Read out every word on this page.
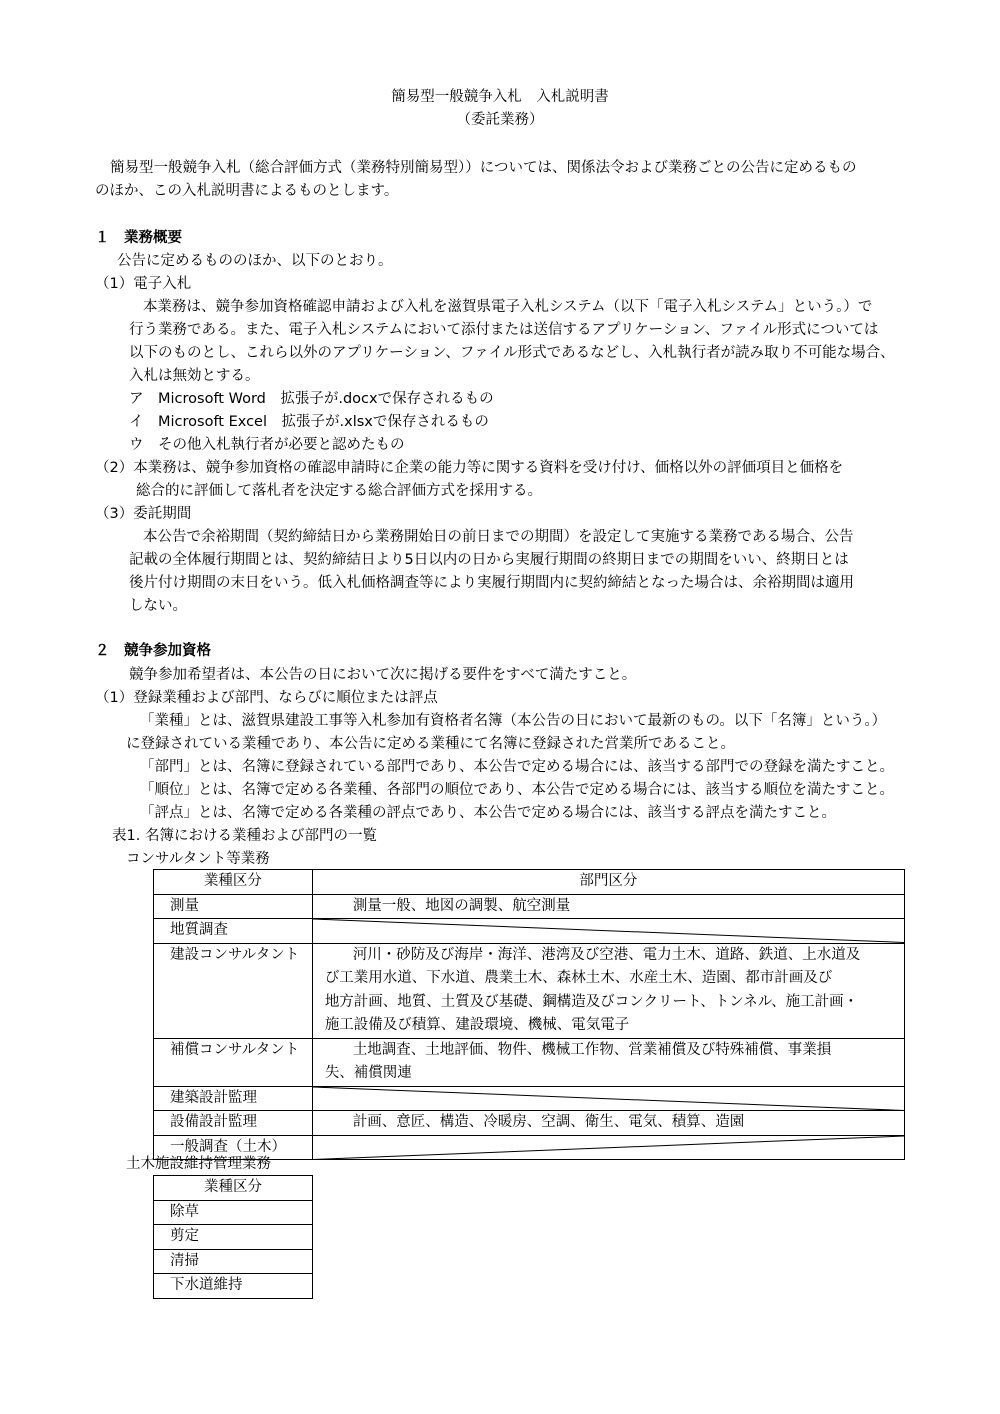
簡易型一般競争入札　入札説明書
（委託業務）
簡易型一般競争入札（総合評価方式（業務特別簡易型））については、関係法令および業務ごとの公告に定めるもの
のほか、この入札説明書によるものとします。
１　業務概要
公告に定めるもののほか、以下のとおり。
（1）電子入札
本業務は、競争参加資格確認申請および入札を滋賀県電子入札システム（以下「電子入札システム」という。）で
行う業務である。また、電子入札システムにおいて添付または送信するアプリケーション、ファイル形式については
以下のものとし、これら以外のアプリケーション、ファイル形式であるなどし、入札執行者が読み取り不可能な場合、
入札は無効とする。
ア　Microsoft Word　拡張子が.docxで保存されるもの
イ　Microsoft Excel　拡張子が.xlsxで保存されるもの
ウ　その他入札執行者が必要と認めたもの
（2）本業務は、競争参加資格の確認申請時に企業の能力等に関する資料を受け付け、価格以外の評価項目と価格を
総合的に評価して落札者を決定する総合評価方式を採用する。
（3）委託期間
本公告で余裕期間（契約締結日から業務開始日の前日までの期間）を設定して実施する業務である場合、公告
記載の全体履行期間とは、契約締結日より5日以内の日から実履行期間の終期日までの期間をいい、終期日とは
後片付け期間の末日をいう。低入札価格調査等により実履行期間内に契約締結となった場合は、余裕期間は適用
しない。
２　競争参加資格
競争参加希望者は、本公告の日において次に掲げる要件をすべて満たすこと。
（1）登録業種および部門、ならびに順位または評点
「業種」とは、滋賀県建設工事等入札参加有資格者名簿（本公告の日において最新のもの。以下「名簿」という。）
に登録されている業種であり、本公告に定める業種にて名簿に登録された営業所であること。
「部門」とは、名簿に登録されている部門であり、本公告で定める場合には、該当する部門での登録を満たすこと。
「順位」とは、名簿で定める各業種、各部門の順位であり、本公告で定める場合には、該当する順位を満たすこと。
「評点」とは、名簿で定める各業種の評点であり、本公告で定める場合には、該当する評点を満たすこと。
表1. 名簿における業種および部門の一覧
コンサルタント等業務
業種区分	部門区分
測量	測量一般、地図の調製、航空測量

地質調査	

建設コンサルタント	河川・砂防及び海岸・海洋、港湾及び空港、電力土木、道路、鉄道、上水道及
び工業用水道、下水道、農業土木、森林土木、水産土木、造園、都市計画及び
地方計画、地質、土質及び基礎、鋼構造及びコンクリート、トンネル、施工計画・
施工設備及び積算、建設環境、機械、電気電子

補償コンサルタント	土地調査、土地評価、物件、機械工作物、営業補償及び特殊補償、事業損
失、補償関連

建築設計監理	

設備設計監理	計画、意匠、構造、冷暖房、空調、衛生、電気、積算、造園

一般調査（土木）	
土木施設維持管理業務
業種区分
除草
剪定
清掃
下水道維持
